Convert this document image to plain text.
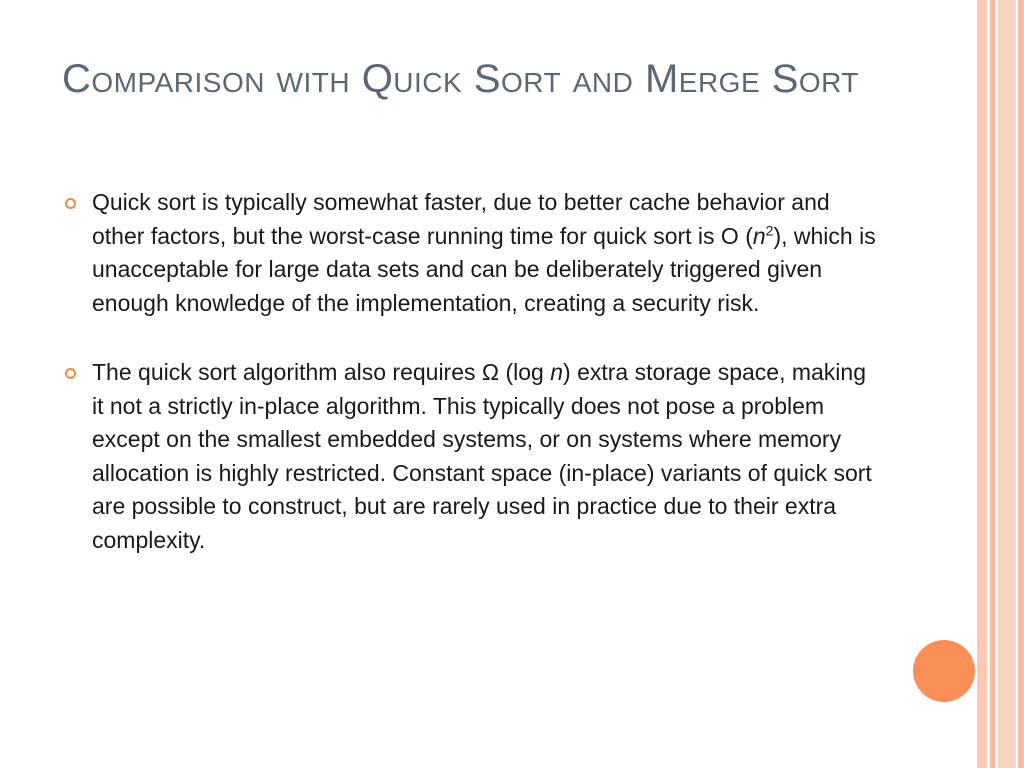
Comparison with Quick Sort and Merge Sort
Quick sort is typically somewhat faster, due to better cache behavior and other factors, but the worst-case running time for quick sort is O $(n^2)$, which is unacceptable for large data sets and can be deliberately triggered given enough knowledge of the implementation, creating a security risk.
The quick sort algorithm also requires Ω (log n) extra storage space, making it not a strictly in-place algorithm. This typically does not pose a problem except on the smallest embedded systems, or on systems where memory allocation is highly restricted. Constant space (in-place) variants of quick sort are possible to construct, but are rarely used in practice due to their extra complexity.
